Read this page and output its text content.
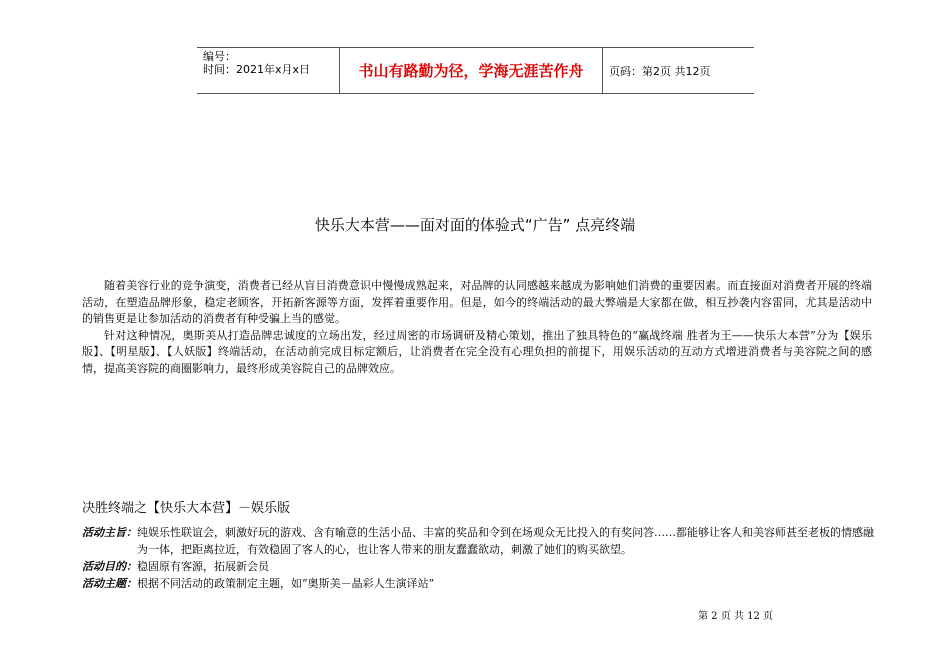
编号：
时间：2021年x月x日	书山有路勤为径，学海无涯苦作舟	页码：第2页 共12页
快乐大本营——面对面的体验式“广告” 点亮终端

随着美容行业的竞争演变，消费者已经从盲目消费意识中慢慢成熟起来，对品牌的认同感越来越成为影响她们消费的重要因素。而直接面对消费者开展的终端活动，在塑造品牌形象，稳定老顾客，开拓新客源等方面，发挥着重要作用。但是，如今的终端活动的最大弊端是大家都在做，相互抄袭内容雷同，尤其是活动中的销售更是让参加活动的消费者有种受骗上当的感觉。

针对这种情况，奥斯美从打造品牌忠诚度的立场出发，经过周密的市场调研及精心策划，推出了独具特色的“赢战终端 胜者为王——快乐大本营”分为【娱乐版】、【明星版】、【人妖版】终端活动，在活动前完成目标定额后，让消费者在完全没有心理负担的前提下，用娱乐活动的互动方式增进消费者与美容院之间的感情，提高美容院的商圈影响力，最终形成美容院自己的品牌效应。

决胜终端之【快乐大本营】－娱乐版
活动主旨： 纯娱乐性联谊会，刺激好玩的游戏、含有喻意的生活小品、丰富的奖品和令到在场观众无比投入的有奖问答……都能够让客人和美容师甚至老板的情感融为一体，把距离拉近，有效稳固了客人的心，也让客人带来的朋友蠢蠢欲动，刺激了她们的购买欲望。
活动目的： 稳固原有客源，拓展新会员
活动主题： 根据不同活动的政策制定主题，如“奥斯美－晶彩人生演译站”
第 2 页 共 12 页
